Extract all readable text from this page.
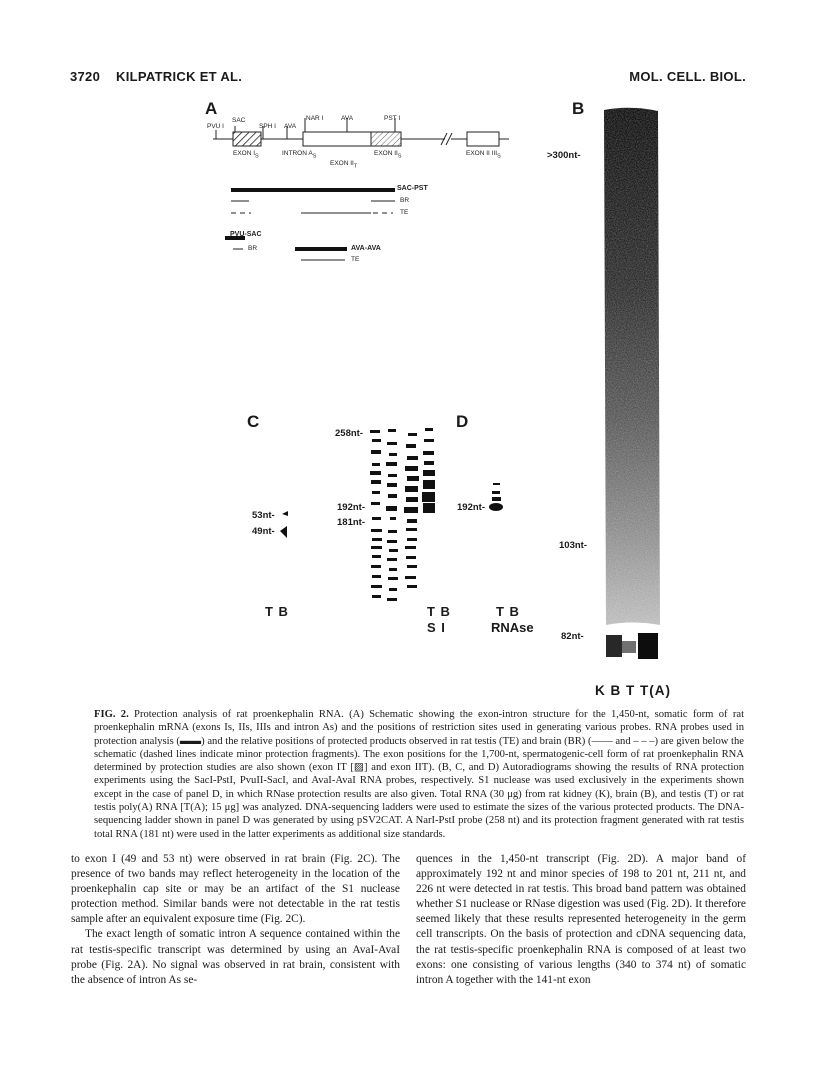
3720 KILPATRICK ET AL.	MOL. CELL. BIOL.
A	B
C	D
PVU I
SAC
SPH I AVA
NAR I	AVA	PST I
EXON $I_S$	INTRON $A_S$
EXON $II_T$
EXON $II_S$	EXON II $III_S$
SAC-PST
BR
TE
PVU-SAC
BR	AVA-AVA
TE
>300nt-
103nt-
82nt-
K B T T(A)
53nt-
49nt-
T B
258nt-
192nt-
181nt-
T B
S I
192nt-
T B
RNAse
FIG. 2. Protection analysis of rat proenkephalin RNA. (A) Schematic showing the exon-intron structure for the 1,450-nt, somatic form of rat proenkephalin mRNA (exons Is, IIs, IIIs and intron As) and the positions of restriction sites used in generating various probes. RNA probes used in protection analysis (▬▬) and the relative positions of protected products observed in rat testis (TE) and brain (BR) (—— and – – –) are given below the schematic (dashed lines indicate minor protection fragments). The exon positions for the 1,700-nt, spermatogenic-cell form of rat proenkephalin RNA determined by protection studies are also shown (exon IT [▨] and exon IIT). (B, C, and D) Autoradiograms showing the results of RNA protection experiments using the SacI-PstI, PvuII-SacI, and AvaI-AvaI RNA probes, respectively. S1 nuclease was used exclusively in the experiments shown except in the case of panel D, in which RNase protection results are also given. Total RNA (30 μg) from rat kidney (K), brain (B), and testis (T) or rat testis poly(A) RNA [T(A); 15 μg] was analyzed. DNA-sequencing ladders were used to estimate the sizes of the various protected products. The DNA-sequencing ladder shown in panel D was generated by using pSV2CAT. A NarI-PstI probe (258 nt) and its protection fragment generated with rat testis total RNA (181 nt) were used in the latter experiments as additional size standards.

to exon I (49 and 53 nt) were observed in rat brain (Fig. 2C). The presence of two bands may reflect heterogeneity in the location of the proenkephalin cap site or may be an artifact of the S1 nuclease protection method. Similar bands were not detectable in the rat testis sample after an equivalent exposure time (Fig. 2C).

The exact length of somatic intron A sequence contained within the rat testis-specific transcript was determined by using an AvaI-AvaI probe (Fig. 2A). No signal was observed in rat brain, consistent with the absence of intron As se-

quences in the 1,450-nt transcript (Fig. 2D). A major band of approximately 192 nt and minor species of 198 to 201 nt, 211 nt, and 226 nt were detected in rat testis. This broad band pattern was obtained whether S1 nuclease or RNase digestion was used (Fig. 2D). It therefore seemed likely that these results represented heterogeneity in the germ cell transcripts. On the basis of protection and cDNA sequencing data, the rat testis-specific proenkephalin RNA is composed of at least two exons: one consisting of various lengths (340 to 374 nt) of somatic intron A together with the 141-nt exon
